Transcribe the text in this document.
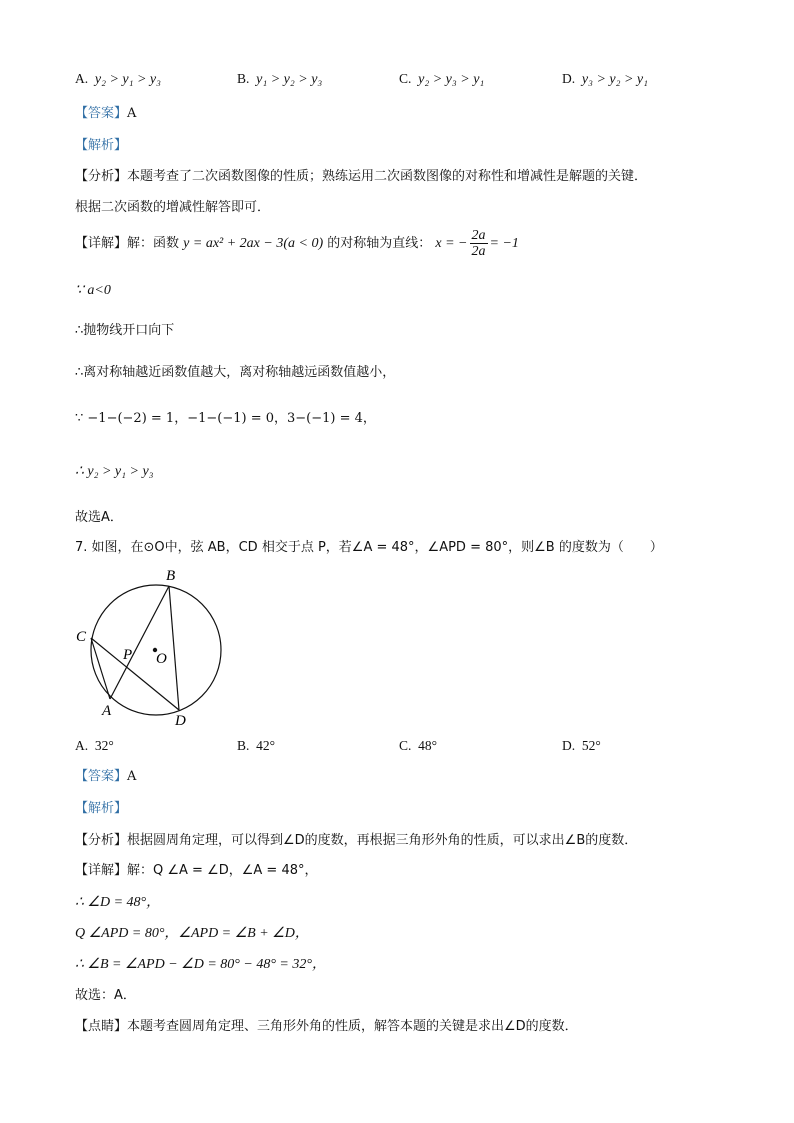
A. y₂ > y₁ > y₃	B. y₁ > y₂ > y₃	C. y₂ > y₃ > y₁	D. y₃ > y₂ > y₁
【答案】A
【解析】
【分析】本题考查了二次函数图像的性质；熟练运用二次函数图像的对称性和增减性是解题的关键．
根据二次函数的增减性解答即可．
【详解】解：函数 y = ax² + 2ax − 3(a < 0) 的对称轴为直线： x = − $\frac{2a}{2a} = -1$
∵ a<0
∴抛物线开口向下
∴离对称轴越近函数值越大，离对称轴越远函数值越小，
∵ −1−(−2) = 1，−1−(−1) = 0，3−(−1) = 4，
∴ y₂ > y₁ > y₃
故选A．
7. 如图，在⊙O中，弦 AB，CD 相交于点 P，若∠A = 48°，∠APD = 80°，则∠B 的度数为（　　）
B
C
P O
A
D
A. 32°	B. 42°	C. 48°	D. 52°
【答案】A
【解析】
【分析】根据圆周角定理，可以得到∠D的度数，再根据三角形外角的性质，可以求出∠B的度数．
【详解】解：Q ∠A = ∠D，∠A = 48°，
∴ ∠D = 48°，
Q ∠APD = 80°，∠APD = ∠B + ∠D，
∴ ∠B = ∠APD − ∠D = 80° − 48° = 32°，
故选：A．
【点睛】本题考查圆周角定理、三角形外角的性质，解答本题的关键是求出∠D的度数．
